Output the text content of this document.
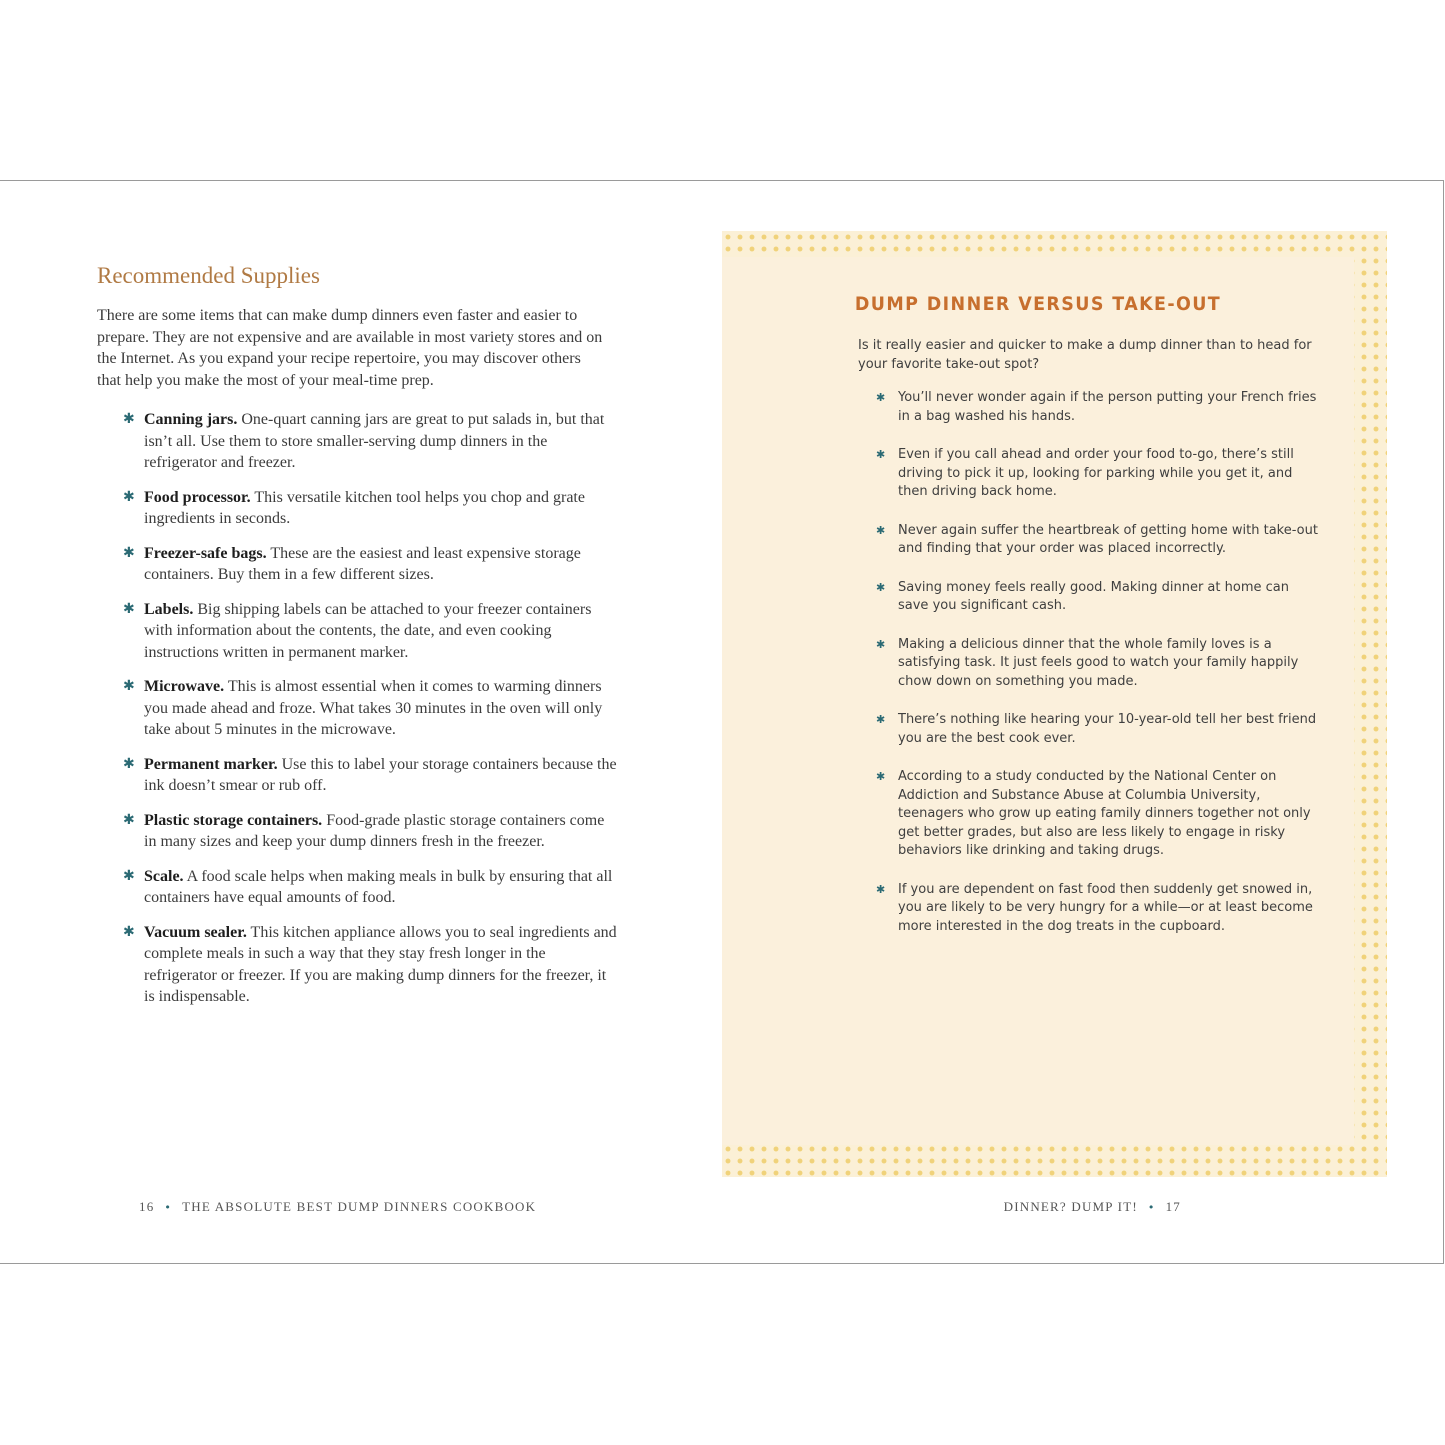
Recommended Supplies

There are some items that can make dump dinners even faster and easier to prepare. They are not expensive and are available in most variety stores and on the Internet. As you expand your recipe repertoire, you may discover others that help you make the most of your meal-time prep.

✱ Canning jars. One-quart canning jars are great to put salads in, but that isn’t all. Use them to store smaller-serving dump dinners in the refrigerator and freezer.
✱ Food processor. This versatile kitchen tool helps you chop and grate ingredients in seconds.
✱ Freezer-safe bags. These are the easiest and least expensive storage containers. Buy them in a few different sizes.
✱ Labels. Big shipping labels can be attached to your freezer containers with information about the contents, the date, and even cooking instructions written in permanent marker.
✱ Microwave. This is almost essential when it comes to warming dinners you made ahead and froze. What takes 30 minutes in the oven will only take about 5 minutes in the microwave.
✱ Permanent marker. Use this to label your storage containers because the ink doesn’t smear or rub off.
✱ Plastic storage containers. Food-grade plastic storage containers come in many sizes and keep your dump dinners fresh in the freezer.
✱ Scale. A food scale helps when making meals in bulk by ensuring that all containers have equal amounts of food.
✱ Vacuum sealer. This kitchen appliance allows you to seal ingredients and complete meals in such a way that they stay fresh longer in the refrigerator or freezer. If you are making dump dinners for the freezer, it is indispensable.
DUMP DINNER VERSUS TAKE-OUT

Is it really easier and quicker to make a dump dinner than to head for your favorite take-out spot?

✱ You’ll never wonder again if the person putting your French fries in a bag washed his hands.
✱ Even if you call ahead and order your food to-go, there’s still driving to pick it up, looking for parking while you get it, and then driving back home.
✱ Never again suffer the heartbreak of getting home with take-out and finding that your order was placed incorrectly.
✱ Saving money feels really good. Making dinner at home can save you significant cash.
✱ Making a delicious dinner that the whole family loves is a satisfying task. It just feels good to watch your family happily chow down on something you made.
✱ There’s nothing like hearing your 10-year-old tell her best friend you are the best cook ever.
✱ According to a study conducted by the National Center on Addiction and Substance Abuse at Columbia University, teenagers who grow up eating family dinners together not only get better grades, but also are less likely to engage in risky behaviors like drinking and taking drugs.
✱ If you are dependent on fast food then suddenly get snowed in, you are likely to be very hungry for a while—or at least become more interested in the dog treats in the cupboard.
16 • THE ABSOLUTE BEST DUMP DINNERS COOKBOOK	DINNER? DUMP IT! • 17
